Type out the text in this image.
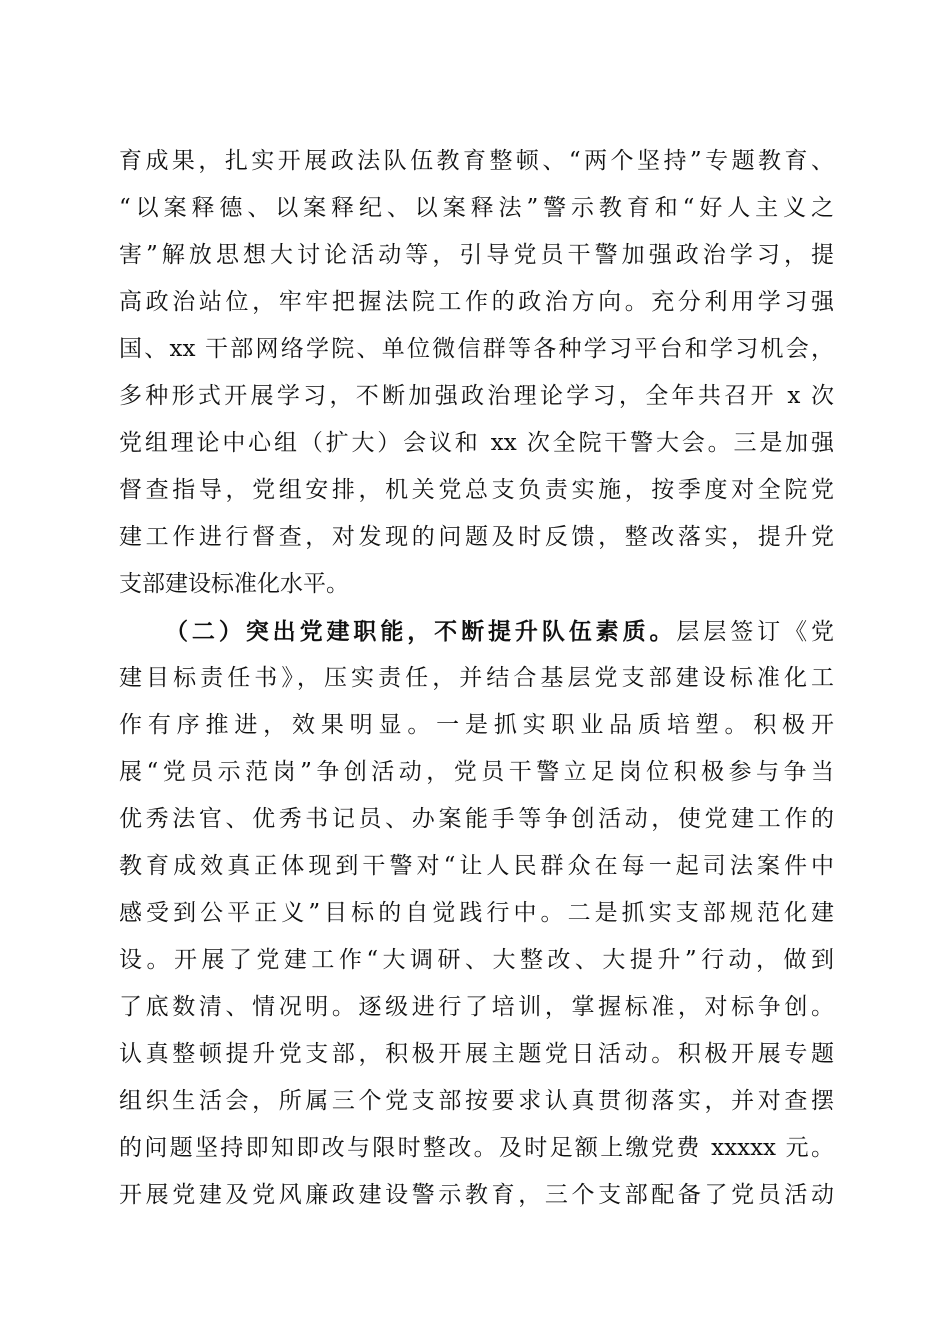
育成果，扎实开展政法队伍教育整顿、“两个坚持”专题教育、
“以案释德、以案释纪、以案释法”警示教育和“好人主义之
害”解放思想大讨论活动等，引导党员干警加强政治学习，提
高政治站位，牢牢把握法院工作的政治方向。充分利用学习强
国、xx 干部网络学院、单位微信群等各种学习平台和学习机会，
多种形式开展学习，不断加强政治理论学习，全年共召开 x 次
党组理论中心组（扩大）会议和 xx 次全院干警大会。三是加强
督查指导，党组安排，机关党总支负责实施，按季度对全院党
建工作进行督查，对发现的问题及时反馈，整改落实，提升党
支部建设标准化水平。
（二）突出党建职能，不断提升队伍素质。层层签订《党
建目标责任书》，压实责任，并结合基层党支部建设标准化工
作有序推进，效果明显。一是抓实职业品质培塑。积极开
展“党员示范岗”争创活动，党员干警立足岗位积极参与争当
优秀法官、优秀书记员、办案能手等争创活动，使党建工作的
教育成效真正体现到干警对“让人民群众在每一起司法案件中
感受到公平正义”目标的自觉践行中。二是抓实支部规范化建
设。开展了党建工作“大调研、大整改、大提升”行动，做到
了底数清、情况明。逐级进行了培训，掌握标准，对标争创。
认真整顿提升党支部，积极开展主题党日活动。积极开展专题
组织生活会，所属三个党支部按要求认真贯彻落实，并对查摆
的问题坚持即知即改与限时整改。及时足额上缴党费 xxxxx 元。
开展党建及党风廉政建设警示教育，三个支部配备了党员活动
